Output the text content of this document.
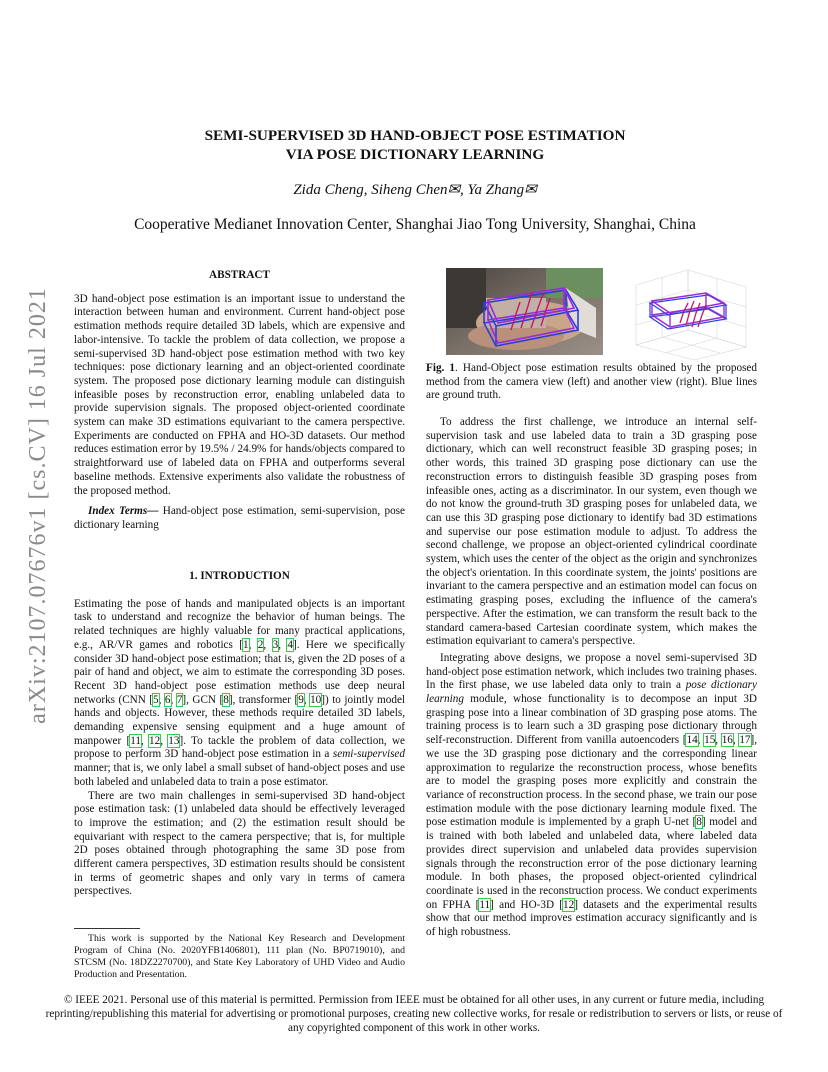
arXiv:2107.07676v1 [cs.CV] 16 Jul 2021
SEMI-SUPERVISED 3D HAND-OBJECT POSE ESTIMATION
VIA POSE DICTIONARY LEARNING
Zida Cheng, Siheng Chen✉, Ya Zhang✉
Cooperative Medianet Innovation Center, Shanghai Jiao Tong University, Shanghai, China
ABSTRACT

3D hand-object pose estimation is an important issue to understand the interaction between human and environment. Current hand-object pose estimation methods require detailed 3D labels, which are expensive and labor-intensive. To tackle the problem of data collection, we propose a semi-supervised 3D hand-object pose estimation method with two key techniques: pose dictionary learning and an object-oriented coordinate system. The proposed pose dictionary learning module can distinguish infeasible poses by reconstruction error, enabling unlabeled data to provide supervision signals. The proposed object-oriented coordinate system can make 3D estimations equivariant to the camera perspective. Experiments are conducted on FPHA and HO-3D datasets. Our method reduces estimation error by 19.5% / 24.9% for hands/objects compared to straightforward use of labeled data on FPHA and outperforms several baseline methods. Extensive experiments also validate the robustness of the proposed method.

Index Terms— Hand-object pose estimation, semi-supervision, pose dictionary learning

1. INTRODUCTION

Estimating the pose of hands and manipulated objects is an important task to understand and recognize the behavior of human beings. The related techniques are highly valuable for many practical applications, e.g., AR/VR games and robotics [1, 2, 3, 4]. Here we specifically consider 3D hand-object pose estimation; that is, given the 2D poses of a pair of hand and object, we aim to estimate the corresponding 3D poses. Recent 3D hand-object pose estimation methods use deep neural networks (CNN [5, 6, 7], GCN [8], transformer [9, 10]) to jointly model hands and objects. However, these methods require detailed 3D labels, demanding expensive sensing equipment and a huge amount of manpower [11, 12, 13]. To tackle the problem of data collection, we propose to perform 3D hand-object pose estimation in a semi-supervised manner; that is, we only label a small subset of hand-object poses and use both labeled and unlabeled data to train a pose estimator.

There are two main challenges in semi-supervised 3D hand-object pose estimation task: (1) unlabeled data should be effectively leveraged to improve the estimation; and (2) the estimation result should be equivariant with respect to the camera perspective; that is, for multiple 2D poses obtained through photographing the same 3D pose from different camera perspectives, 3D estimation results should be consistent in terms of geometric shapes and only vary in terms of camera perspectives.

This work is supported by the National Key Research and Development Program of China (No. 2020YFB1406801), 111 plan (No. BP0719010), and STCSM (No. 18DZ2270700), and State Key Laboratory of UHD Video and Audio Production and Presentation.

Fig. 1. Hand-Object pose estimation results obtained by the proposed method from the camera view (left) and another view (right). Blue lines are ground truth.

To address the first challenge, we introduce an internal self-supervision task and use labeled data to train a 3D grasping pose dictionary, which can well reconstruct feasible 3D grasping poses; in other words, this trained 3D grasping pose dictionary can use the reconstruction errors to distinguish feasible 3D grasping poses from infeasible ones, acting as a discriminator. In our system, even though we do not know the ground-truth 3D grasping poses for unlabeled data, we can use this 3D grasping pose dictionary to identify bad 3D estimations and supervise our pose estimation module to adjust. To address the second challenge, we propose an object-oriented cylindrical coordinate system, which uses the center of the object as the origin and synchronizes the object's orientation. In this coordinate system, the joints' positions are invariant to the camera perspective and an estimation model can focus on estimating grasping poses, excluding the influence of the camera's perspective. After the estimation, we can transform the result back to the standard camera-based Cartesian coordinate system, which makes the estimation equivariant to camera's perspective.

Integrating above designs, we propose a novel semi-supervised 3D hand-object pose estimation network, which includes two training phases. In the first phase, we use labeled data only to train a pose dictionary learning module, whose functionality is to decompose an input 3D grasping pose into a linear combination of 3D grasping pose atoms. The training process is to learn such a 3D grasping pose dictionary through self-reconstruction. Different from vanilla autoencoders [14, 15, 16, 17], we use the 3D grasping pose dictionary and the corresponding linear approximation to regularize the reconstruction process, whose benefits are to model the grasping poses more explicitly and constrain the variance of reconstruction process. In the second phase, we train our pose estimation module with the pose dictionary learning module fixed. The pose estimation module is implemented by a graph U-net [8] model and is trained with both labeled and unlabeled data, where labeled data provides direct supervision and unlabeled data provides supervision signals through the reconstruction error of the pose dictionary learning module. In both phases, the proposed object-oriented cylindrical coordinate is used in the reconstruction process. We conduct experiments on FPHA [11] and HO-3D [12] datasets and the experimental results show that our method improves estimation accuracy significantly and is of high robustness.

© IEEE 2021. Personal use of this material is permitted. Permission from IEEE must be obtained for all other uses, in any current or future media, including reprinting/republishing this material for advertising or promotional purposes, creating new collective works, for resale or redistribution to servers or lists, or reuse of any copyrighted component of this work in other works.
